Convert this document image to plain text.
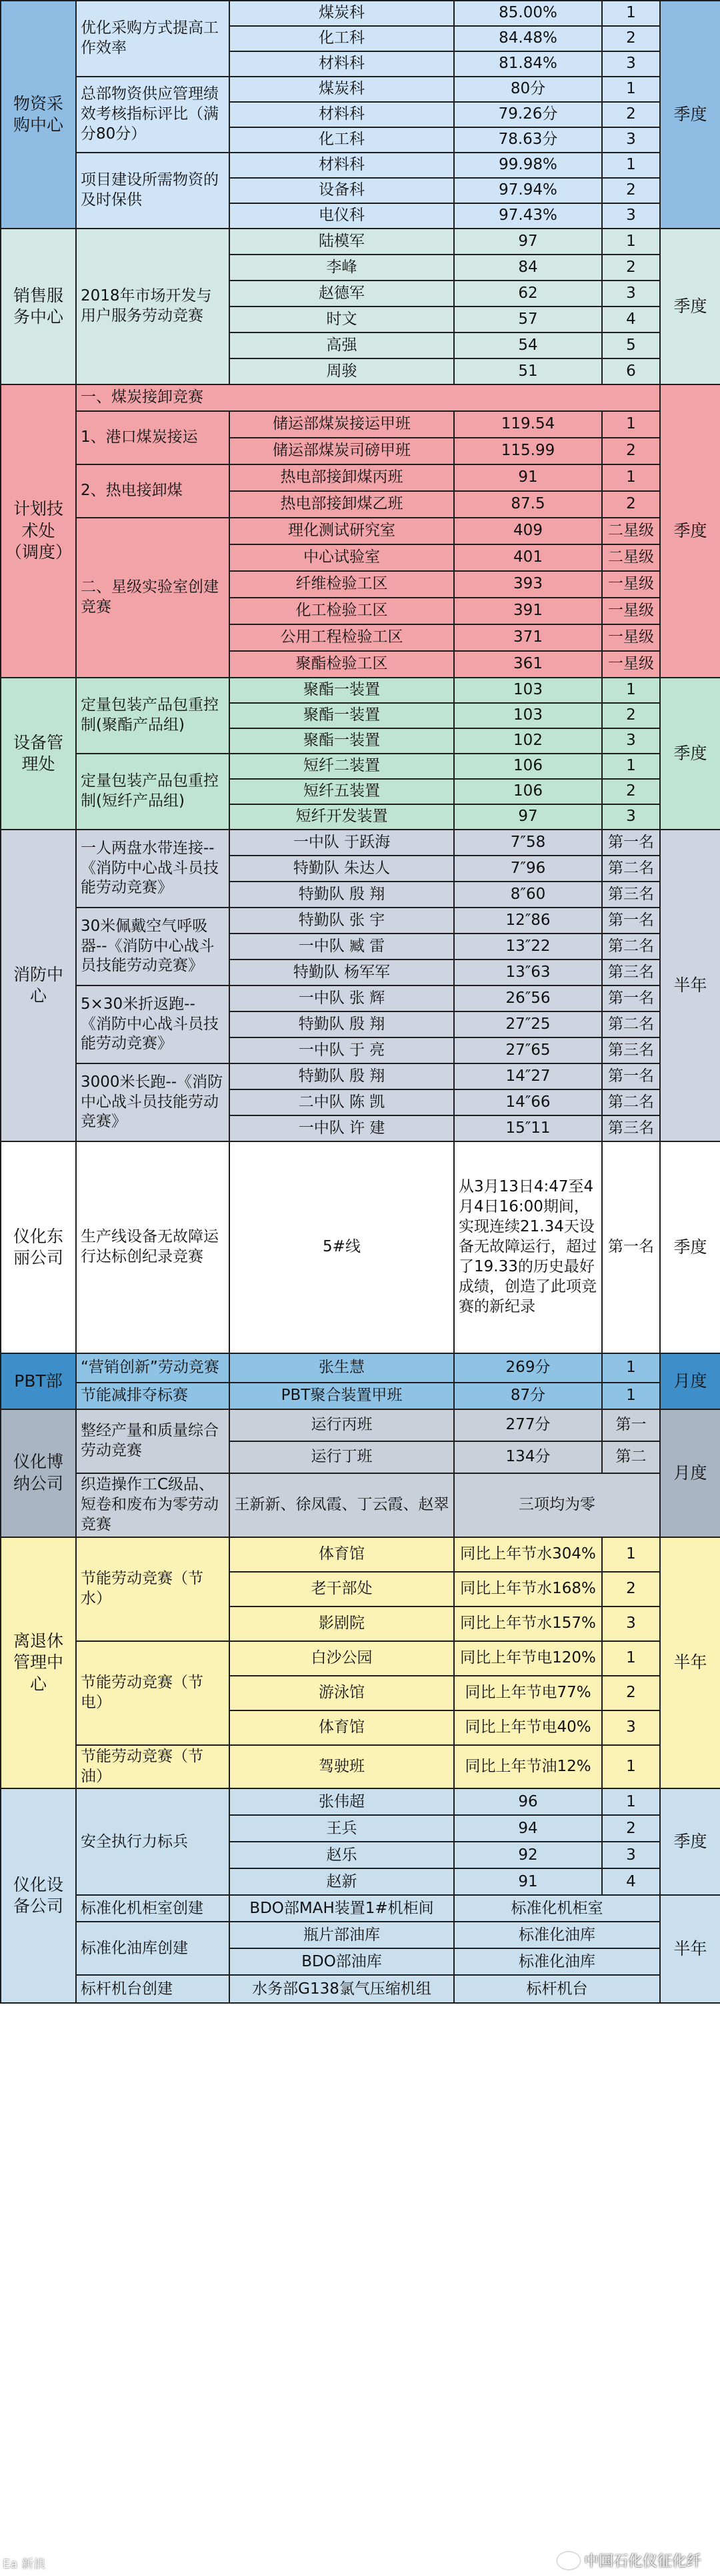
物资采购中心	优化采购方式提高工作效率	煤炭科	85.00%	1	季度
		化工科	84.48%	2	
		材料科	81.84%	3	
	总部物资供应管理绩效考核指标评比（满分80分）	煤炭科	80分	1	
		材料科	79.26分	2	
		化工科	78.63分	3	
	项目建设所需物资的及时保供	材料科	99.98%	1	
		设备科	97.94%	2	
		电仪科	97.43%	3	
销售服务中心	2018年市场开发与用户服务劳动竞赛	陆模军	97	1	季度
		李峰	84	2	
		赵德军	62	3	
		时文	57	4	
		高强	54	5	
		周骏	51	6	
计划技术处（调度）	一、煤炭接卸竞赛				季度
	1、港口煤炭接运	储运部煤炭接运甲班	119.54	1	
		储运部煤炭司磅甲班	115.99	2	
	2、热电接卸煤	热电部接卸煤丙班	91	1	
		热电部接卸煤乙班	87.5	2	
	二、星级实验室创建竞赛	理化测试研究室	409	二星级	
		中心试验室	401	二星级	
		纤维检验工区	393	一星级	
		化工检验工区	391	一星级	
		公用工程检验工区	371	一星级	
		聚酯检验工区	361	一星级	
设备管理处	定量包装产品包重控制(聚酯产品组)	聚酯一装置	103	1	季度
		聚酯一装置	103	2	
		聚酯一装置	102	3	
	定量包装产品包重控制(短纤产品组)	短纤二装置	106	1	
		短纤五装置	106	2	
		短纤开发装置	97	3	
消防中心	一人两盘水带连接--《消防中心战斗员技能劳动竞赛》	一中队 于跃海	7″58	第一名	半年
		特勤队 朱达人	7″96	第二名	
		特勤队 殷 翔	8″60	第三名	
	30米佩戴空气呼吸器--《消防中心战斗员技能劳动竞赛》	特勤队 张 宇	12″86	第一名	
		一中队 臧 雷	13″22	第二名	
		特勤队 杨军军	13″63	第三名	
	5×30米折返跑--《消防中心战斗员技能劳动竞赛》	一中队 张 辉	26″56	第一名	
		特勤队 殷 翔	27″25	第二名	
		一中队 于 亮	27″65	第三名	
	3000米长跑--《消防中心战斗员技能劳动竞赛》	特勤队 殷 翔	14″27	第一名	
		二中队 陈 凯	14″66	第二名	
		一中队 许 建	15″11	第三名	
仪化东丽公司	生产线设备无故障运行达标创纪录竞赛	5#线	从3月13日4:47至4月4日16:00期间，实现连续21.34天设备无故障运行，超过了19.33的历史最好成绩，创造了此项竞赛的新纪录	第一名	季度
PBT部	“营销创新”劳动竞赛	张生慧	269分	1	月度
	节能减排夺标赛	PBT聚合装置甲班	87分	1	
仪化博纳公司	整经产量和质量综合劳动竞赛	运行丙班	277分	第一	月度
		运行丁班	134分	第二	
	织造操作工C级品、短卷和废布为零劳动竞赛	王新新、徐凤霞、丁云霞、赵翠	三项均为零		
离退休管理中心	节能劳动竞赛（节水）	体育馆	同比上年节水304%	1	半年
		老干部处	同比上年节水168%	2	
		影剧院	同比上年节水157%	3	
	节能劳动竞赛（节电）	白沙公园	同比上年节电120%	1	
		游泳馆	同比上年节电77%	2	
		体育馆	同比上年节电40%	3	
	节能劳动竞赛（节油）	驾驶班	同比上年节油12%	1	
仪化设备公司	安全执行力标兵	张伟超	96	1	季度
		王兵	94	2	
		赵乐	92	3	
		赵新	91	4	
	标准化机柜室创建	BDO部MAH装置1#机柜间	标准化机柜室		半年
	标准化油库创建	瓶片部油库	标准化油库		
		BDO部油库	标准化油库		
	标杆机台创建	水务部G138氯气压缩机组	标杆机台		
中国石化仪征化纤
Ea 新浪
